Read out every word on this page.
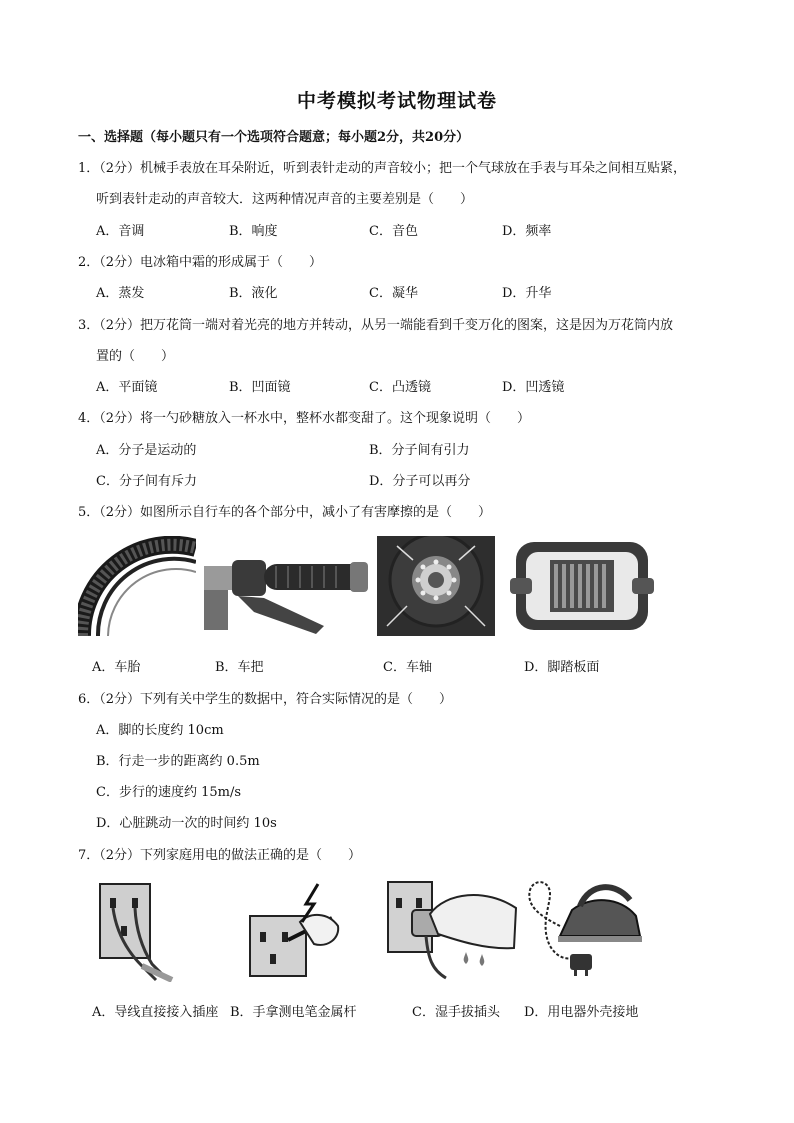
中考模拟考试物理试卷
一、选择题（每小题只有一个选项符合题意；每小题2分，共20分）
1．（2分）机械手表放在耳朵附近，听到表针走动的声音较小；把一个气球放在手表与耳朵之间相互贴紧，
听到表针走动的声音较大．这两种情况声音的主要差别是（　　）
A．音调	B．响度	C．音色	D．频率
2．（2分）电冰箱中霜的形成属于（　　）
A．蒸发	B．液化	C．凝华	D．升华
3．（2分）把万花筒一端对着光亮的地方并转动，从另一端能看到千变万化的图案，这是因为万花筒内放
置的（　　）
A．平面镜	B．凹面镜	C．凸透镜	D．凹透镜
4．（2分）将一勺砂糖放入一杯水中，整杯水都变甜了。这个现象说明（　　）
A．分子是运动的	B．分子间有引力
C．分子间有斥力	D．分子可以再分
5．（2分）如图所示自行车的各个部分中，减小了有害摩擦的是（　　）
A．车胎	B．车把	C．车轴	D．脚踏板面
6．（2分）下列有关中学生的数据中，符合实际情况的是（　　）
A．脚的长度约 10cm
B．行走一步的距离约 0.5m
C．步行的速度约 15m/s
D．心脏跳动一次的时间约 10s
7．（2分）下列家庭用电的做法正确的是（　　）
A．导线直接接入插座 B．手拿测电笔金属杆	C．湿手拔插头 D．用电器外壳接地
